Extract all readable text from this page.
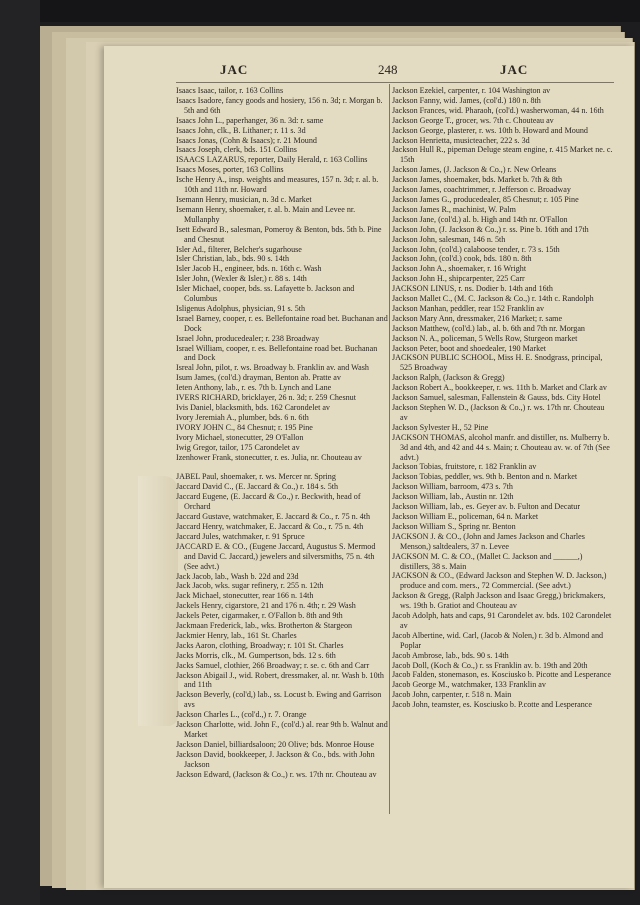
JAC	248	JAC
Isaacs Isaac, tailor, r. 163 Collins
Isaacs Isadore, fancy goods and hosiery, 156 n. 3d; r. Morgan b. 5th and 6th
Isaacs John L., paperhanger, 36 n. 3d: r. same
Isaacs John, clk., B. Lithaner; r. 11 s. 3d
Isaacs Jonas, (Cohn & Isaacs); r. 21 Mound
Isaacs Joseph, clerk, bds. 151 Collins
ISAACS LAZARUS, reporter, Daily Herald, r. 163 Collins
Isaacs Moses, porter, 163 Collins
Ische Henry A., insp. weights and measures, 157 n. 3d; r. al. b. 10th and 11th nr. Howard
Isemann Henry, musician, n. 3d c. Market
Isemann Henry, shoemaker, r. al. b. Main and Levee nr. Mullanphy
Isett Edward B., salesman, Pomeroy & Benton, bds. 5th b. Pine and Chesnut
Isler Ad., filterer, Belcher's sugarhouse
Isler Christian, lab., bds. 90 s. 14th
Isler Jacob H., engineer, bds. n. 16th c. Wash
Isler John, (Wexler & Isler,) r. 88 s. 14th
Isler Michael, cooper, bds. ss. Lafayette b. Jackson and Columbus
Isligenus Adolphus, physician, 91 s. 5th
Israel Barney, cooper, r. es. Bellefontaine road bet. Buchanan and Dock
Israel John, producedealer; r. 238 Broadway
Israel William, cooper, r. es. Bellefontaine road bet. Buchanan and Dock
Isreal John, pilot, r. ws. Broadway b. Franklin av. and Wash
Isum James, (col'd.) drayman, Benton ab. Pratte av
Ieten Anthony, lab., r. es. 7th b. Lynch and Lane
IVERS RICHARD, bricklayer, 26 n. 3d; r. 259 Chesnut
Ivis Daniel, blacksmith, bds. 162 Carondelet av
Ivory Jeremiah A., plumber, bds. 6 n. 6th
IVORY JOHN C., 84 Chesnut; r. 195 Pine
Ivory Michael, stonecutter, 29 O'Fallon
Iwig Gregor, tailor, 175 Carondelet av
Izenhower Frank, stonecutter, r. es. Julia, nr. Chouteau av
JABEL Paul, shoemaker, r. ws. Mercer nr. Spring
Jaccard David C., (E. Jaccard & Co.,) r. 184 s. 5th
Jaccard Eugene, (E. Jaccard & Co.,) r. Beckwith, head of Orchard
Jaccard Gustave, watchmaker, E. Jaccard & Co., r. 75 n. 4th
Jaccard Henry, watchmaker, E. Jaccard & Co., r. 75 n. 4th
Jaccard Jules, watchmaker, r. 91 Spruce
JACCARD E. & CO., (Eugene Jaccard, Augustus S. Mermod and David C. Jaccard,) jewelers and silversmiths, 75 n. 4th (See advt.)
Jack Jacob, lab., Wash b. 22d and 23d
Jack Jacob, wks. sugar refinery, r. 255 n. 12th
Jack Michael, stonecutter, rear 166 n. 14th
Jackels Henry, cigarstore, 21 and 176 n. 4th; r. 29 Wash
Jackels Peter, cigarmaker, r. O'Fallon b. 8th and 9th
Jackmaan Frederick, lab., wks. Brotherton & Stargeon
Jackmier Henry, lab., 161 St. Charles
Jacks Aaron, clothing, Broadway; r. 101 St. Charles
Jacks Morris, clk., M. Gumpertson, bds. 12 s. 6th
Jacks Samuel, clothier, 266 Broadway; r. se. c. 6th and Carr
Jackson Abigail J., wid. Robert, dressmaker, al. nr. Wash b. 10th and 11th
Jackson Beverly, (col'd,) lab., ss. Locust b. Ewing and Garrison avs
Jackson Charles L., (col'd.,) r. 7. Orange
Jackson Charlotte, wid. John F., (col'd.) al. rear 9th b. Walnut and Market
Jackson Daniel, billiardsaloon; 20 Olive; bds. Monroe House
Jackson David, bookkeeper, J. Jackson & Co., bds. with John Jackson
Jackson Edward, (Jackson & Co.,) r. ws. 17th nr. Chouteau av
Jackson Ezekiel, carpenter, r. 104 Washington av
Jackson Fanny, wid. James, (col'd.) 180 n. 8th
Jackson Frances, wid. Pharaoh, (col'd.) washerwoman, 44 n. 16th
Jackson George T., grocer, ws. 7th c. Chouteau av
Jackson George, plasterer, r. ws. 10th b. Howard and Mound
Jackson Henrietta, musicteacher, 222 s. 3d
Jackson Hull R., pipeman Deluge steam engine, r. 415 Market ne. c. 15th
Jackson James, (J. Jackson & Co.,) r. New Orleans
Jackson James, shoemaker, bds. Market b. 7th & 8th
Jackson James, coachtrimmer, r. Jefferson c. Broadway
Jackson James G., producedealer, 85 Chesnut; r. 105 Pine
Jackson James R., machinist, W. Palm
Jackson Jane, (col'd.) al. b. High and 14th nr. O'Fallon
Jackson John, (J. Jackson & Co.,) r. ss. Pine b. 16th and 17th
Jackson John, salesman, 146 n. 5th
Jackson John, (col'd.) calaboose tender, r. 73 s. 15th
Jackson John, (col'd.) cook, bds. 180 n. 8th
Jackson John A., shoemaker, r. 16 Wright
Jackson John H., shipcarpenter, 225 Carr
JACKSON LINUS, r. ns. Dodier b. 14th and 16th
Jackson Mallet C., (M. C. Jackson & Co.,) r. 14th c. Randolph
Jackson Manhan, peddler, rear 152 Franklin av
Jackson Mary Ann, dressmaker, 216 Market; r. same
Jackson Matthew, (col'd.) lab., al. b. 6th and 7th nr. Morgan
Jackson N. A., policeman, 5 Wells Row, Sturgeon market
Jackson Peter, boot and shoedealer, 190 Market
JACKSON PUBLIC SCHOOL, Miss H. E. Snodgrass, principal, 525 Broadway
Jackson Ralph, (Jackson & Gregg)
Jackson Robert A., bookkeeper, r. ws. 11th b. Market and Clark av
Jackson Samuel, salesman, Fallenstein & Gauss, bds. City Hotel
Jackson Stephen W. D., (Jackson & Co.,) r. ws. 17th nr. Chouteau av
Jackson Sylvester H., 52 Pine
JACKSON THOMAS, alcohol manfr. and distiller, ns. Mulberry b. 3d and 4th, and 42 and 44 s. Main; r. Chouteau av. w. of 7th (See advt.)
Jackson Tobias, fruitstore, r. 182 Franklin av
Jackson Tobias, peddler, ws. 9th b. Benton and n. Market
Jackson William, barroom, 473 s. 7th
Jackson William, lab., Austin nr. 12th
Jackson William, lab., es. Geyer av. b. Fulton and Decatur
Jackson William E., policeman, 64 n. Market
Jackson William S., Spring nr. Benton
JACKSON J. & CO., (John and James Jackson and Charles Menson,) saltdealers, 37 n. Levee
JACKSON M. C. & CO., (Mallet C. Jackson and ______,) distillers, 38 s. Main
JACKSON & CO., (Edward Jackson and Stephen W. D. Jackson,) produce and com. mers., 72 Commercial. (See advt.)
Jackson & Gregg, (Ralph Jackson and Isaac Gregg,) brickmakers, ws. 19th b. Gratiot and Chouteau av
Jacob Adolph, hats and caps, 91 Carondelet av. bds. 102 Carondelet av
Jacob Albertine, wid. Carl, (Jacob & Nolen,) r. 3d b. Almond and Poplar
Jacob Ambrose, lab., bds. 90 s. 14th
Jacob Doll, (Koch & Co.,) r. ss Franklin av. b. 19th and 20th
Jacob Falden, stonemason, es. Kosciusko b. Picotte and Lesperance
Jacob George M., watchmaker, 133 Franklin av
Jacob John, carpenter, r. 518 n. Main
Jacob John, teamster, es. Kosciusko b. P.cotte and Lesperance
